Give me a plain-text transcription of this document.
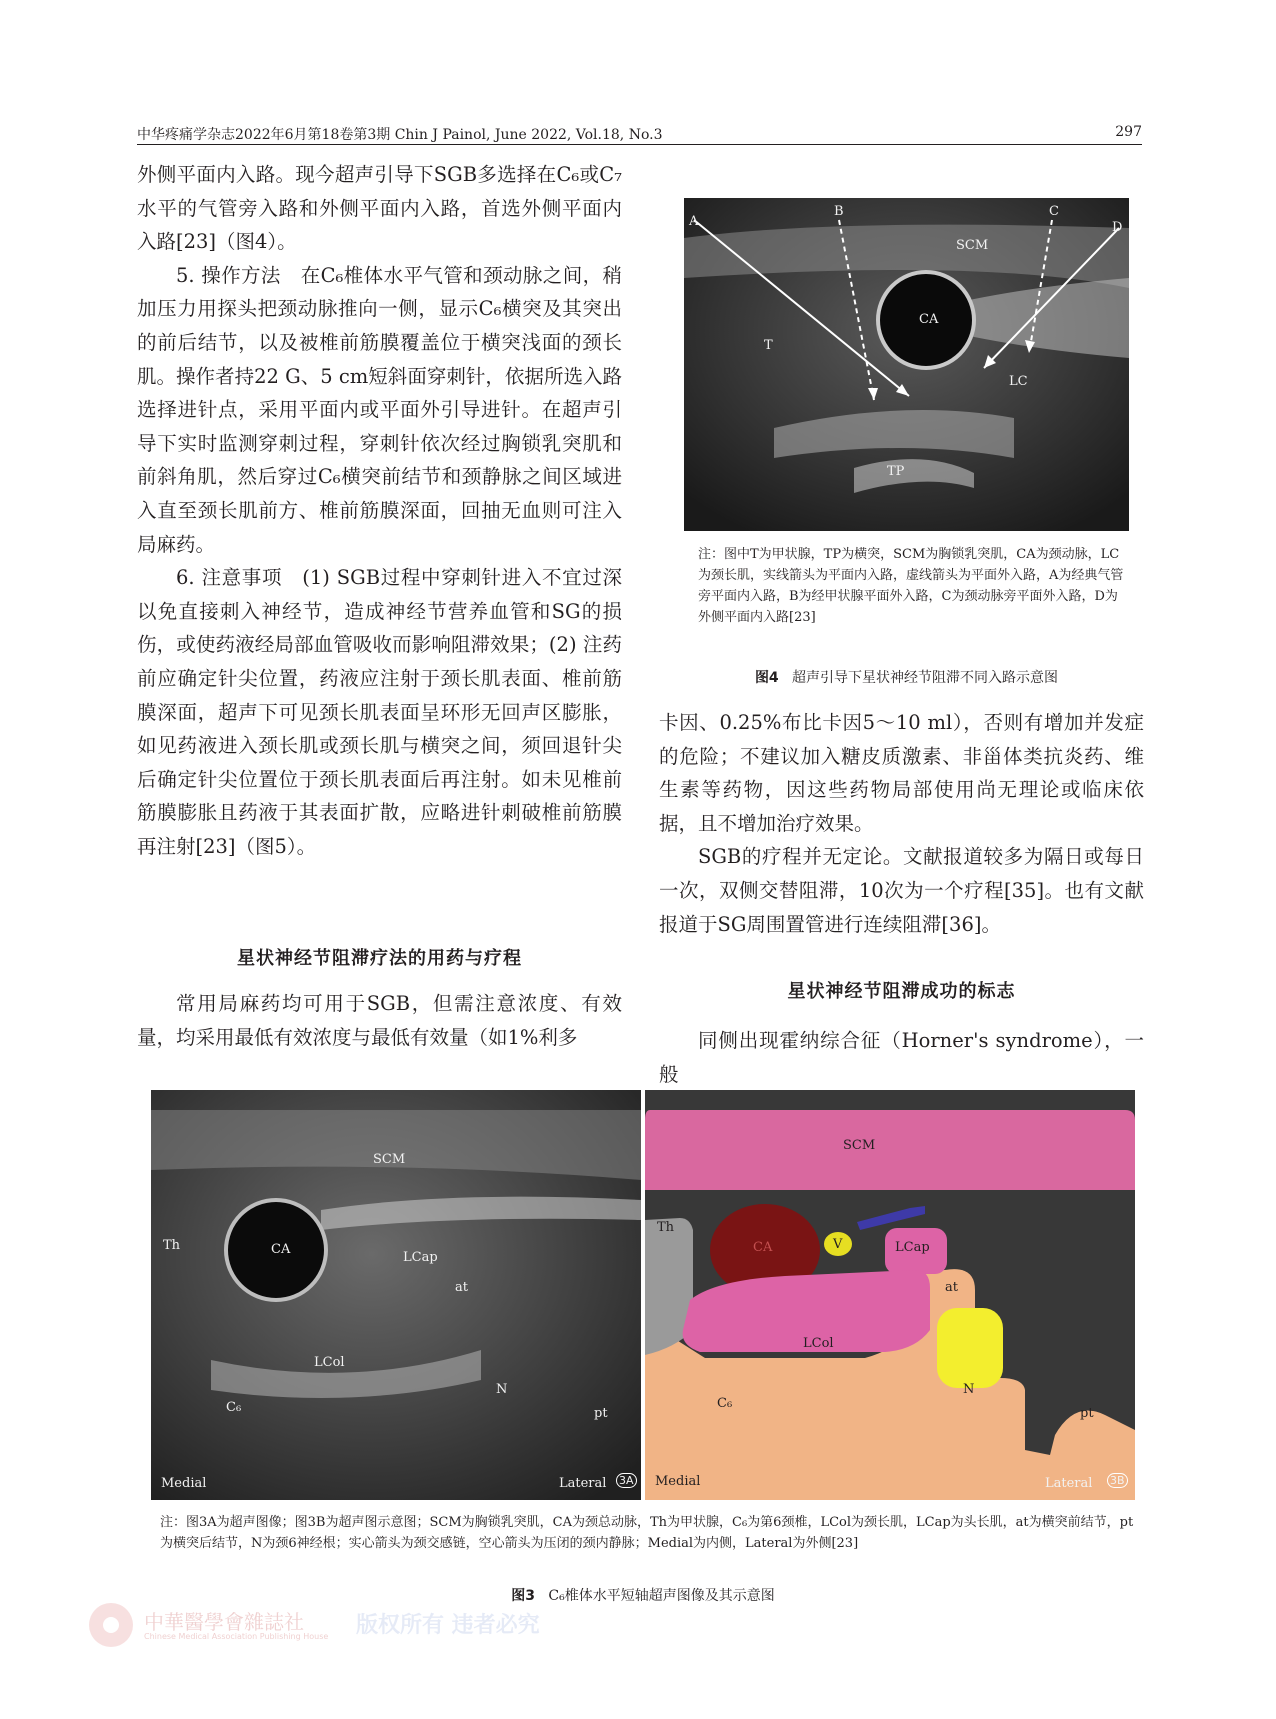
中华疼痛学杂志2022年6月第18卷第3期 Chin J Painol, June 2022, Vol.18, No.3	297

外侧平面内入路。现今超声引导下SGB多选择在C₆或C₇水平的气管旁入路和外侧平面内入路，首选外侧平面内入路[23]（图4）。

5. 操作方法　在C₆椎体水平气管和颈动脉之间，稍加压力用探头把颈动脉推向一侧，显示C₆横突及其突出的前后结节，以及被椎前筋膜覆盖位于横突浅面的颈长肌。操作者持22 G、5 cm短斜面穿刺针，依据所选入路选择进针点，采用平面内或平面外引导进针。在超声引导下实时监测穿刺过程，穿刺针依次经过胸锁乳突肌和前斜角肌，然后穿过C₆横突前结节和颈静脉之间区域进入直至颈长肌前方、椎前筋膜深面，回抽无血则可注入局麻药。

6. 注意事项　(1) SGB过程中穿刺针进入不宜过深以免直接刺入神经节，造成神经节营养血管和SG的损伤，或使药液经局部血管吸收而影响阻滞效果；(2) 注药前应确定针尖位置，药液应注射于颈长肌表面、椎前筋膜深面，超声下可见颈长肌表面呈环形无回声区膨胀，如见药液进入颈长肌或颈长肌与横突之间，须回退针尖后确定针尖位置位于颈长肌表面后再注射。如未见椎前筋膜膨胀且药液于其表面扩散，应略进针刺破椎前筋膜再注射[23]（图5）。

星状神经节阻滞疗法的用药与疗程

常用局麻药均可用于SGB，但需注意浓度、有效量，均采用最低有效浓度与最低有效量（如1%利多

A
B	C
D
SCM
CA
T
LC
TP
注：图中T为甲状腺，TP为横突，SCM为胸锁乳突肌，CA为颈动脉，LC为颈长肌，实线箭头为平面内入路，虚线箭头为平面外入路，A为经典气管旁平面内入路，B为经甲状腺平面外入路，C为颈动脉旁平面外入路，D为外侧平面内入路[23]
图4 超声引导下星状神经节阻滞不同入路示意图

卡因、0.25%布比卡因5～10 ml），否则有增加并发症的危险；不建议加入糖皮质激素、非甾体类抗炎药、维生素等药物，因这些药物局部使用尚无理论或临床依据，且不增加治疗效果。

SGB的疗程并无定论。文献报道较多为隔日或每日一次，双侧交替阻滞，10次为一个疗程[35]。也有文献报道于SG周围置管进行连续阻滞[36]。

星状神经节阻滞成功的标志

同侧出现霍纳综合征（Horner's syndrome），一般

SCM
Th	CA
LCap
at
LCol
N
C₆	pt
Medial	Lateral 3A
SCM
Th
CA	V	LCap
at
LCol
N
C₆
pt
Medial	Lateral 3B
注：图3A为超声图像；图3B为超声图示意图；SCM为胸锁乳突肌，CA为颈总动脉，Th为甲状腺，C₆为第6颈椎，LCol为颈长肌，LCap为头长肌，at为横突前结节，pt为横突后结节，N为颈6神经根；实心箭头为颈交感链，空心箭头为压闭的颈内静脉；Medial为内侧，Lateral为外侧[23]
图3 C₆椎体水平短轴超声图像及其示意图
中華醫學會雜誌社
Chinese Medical Association Publishing House 版权所有 违者必究
